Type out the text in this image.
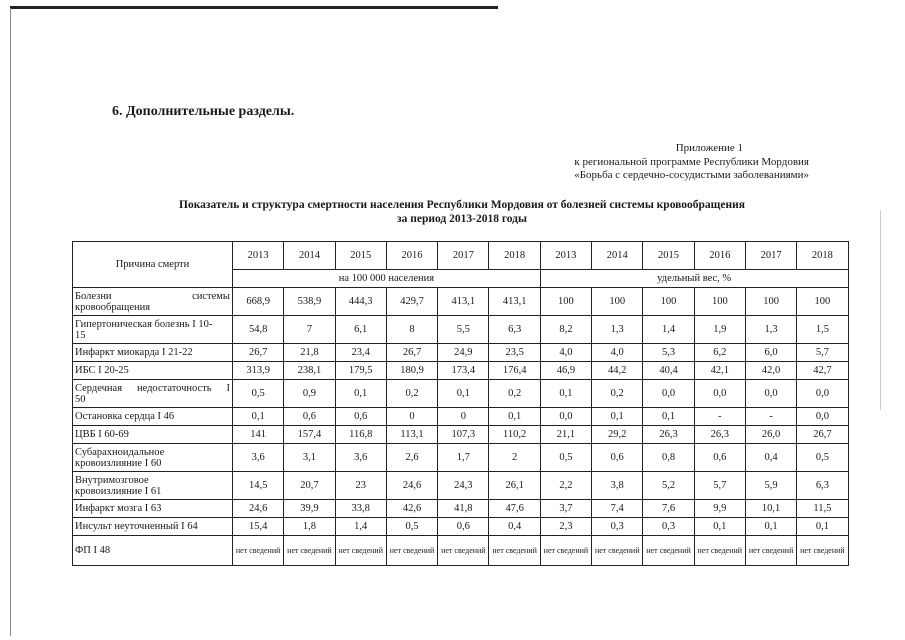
6. Дополнительные разделы.
Приложение 1
к региональной программе Республики Мордовия
«Борьба с сердечно-сосудистыми заболеваниями»
Показатель и структура смертности населения Республики Мордовия от болезней системы кровообращения
за период 2013-2018 годы
Причина смерти	2013	2014	2015	2016	2017	2018	2013	2014	2015	2016	2017	2018
	на 100 000 населения						удельный вес, %					

Болезни системы
кровообращения	668,9	538,9	444,3	429,7	413,1	413,1	100	100	100	100	100	100
Гипертоническая болезнь I 10-
15	54,8	7	6,1	8	5,5	6,3	8,2	1,3	1,4	1,9	1,3	1,5
Инфаркт миокарда I 21-22	26,7	21,8	23,4	26,7	24,9	23,5	4,0	4,0	5,3	6,2	6,0	5,7
ИБС I 20-25	313,9	238,1	179,5	180,9	173,4	176,4	46,9	44,2	40,4	42,1	42,0	42,7

Сердечная недостаточность I
50	0,5	0,9	0,1	0,2	0,1	0,2	0,1	0,2	0,0	0,0	0,0	0,0
Остановка сердца I 46	0,1	0,6	0,6	0	0	0,1	0,0	0,1	0,1	-	-	0,0
ЦВБ I 60-69	141	157,4	116,8	113,1	107,3	110,2	21,1	29,2	26,3	26,3	26,0	26,7
Субарахноидальное
кровоизлияние I 60	3,6	3,1	3,6	2,6	1,7	2	0,5	0,6	0,8	0,6	0,4	0,5
Внутримозговое
кровоизлияние I 61	14,5	20,7	23	24,6	24,3	26,1	2,2	3,8	5,2	5,7	5,9	6,3
Инфаркт мозга I 63	24,6	39,9	33,8	42,6	41,8	47,6	3,7	7,4	7,6	9,9	10,1	11,5
Инсульт неуточненный I 64	15,4	1,8	1,4	0,5	0,6	0,4	2,3	0,3	0,3	0,1	0,1	0,1
ФП I 48	нет сведений	нет сведений	нет сведений	нет сведений	нет сведений	нет сведений	нет сведений	нет сведений	нет сведений	нет сведений	нет сведений	нет сведений
